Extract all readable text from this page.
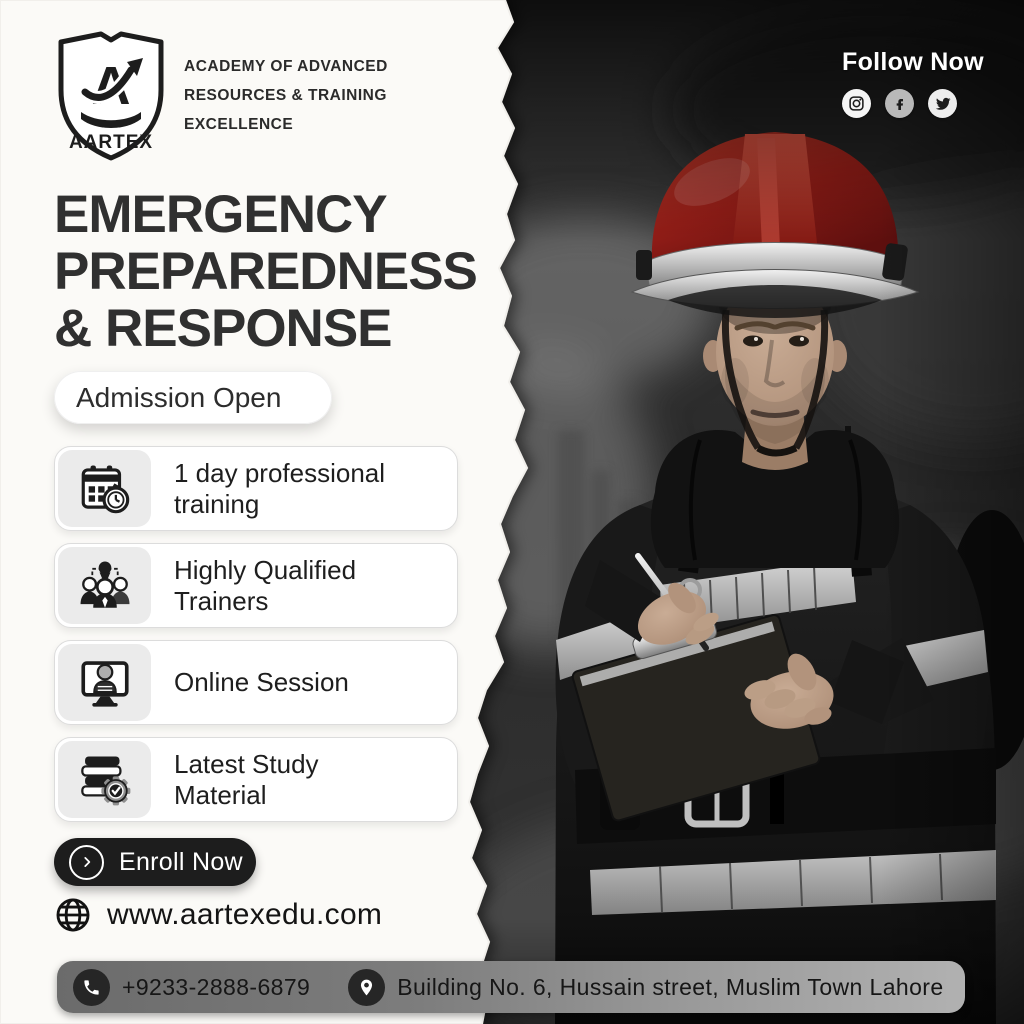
A
AARTEX
ACADEMY OF ADVANCED
RESOURCES & TRAINING
EXCELLENCE
Follow Now
EMERGENCY
PREPAREDNESS
& RESPONSE
Admission Open

1 day professional training

Highly Qualified Trainers

Online Session

Latest Study Material

Enroll Now
www.aartexedu.com
+9233-2888-6879	Building No. 6, Hussain street, Muslim Town Lahore
